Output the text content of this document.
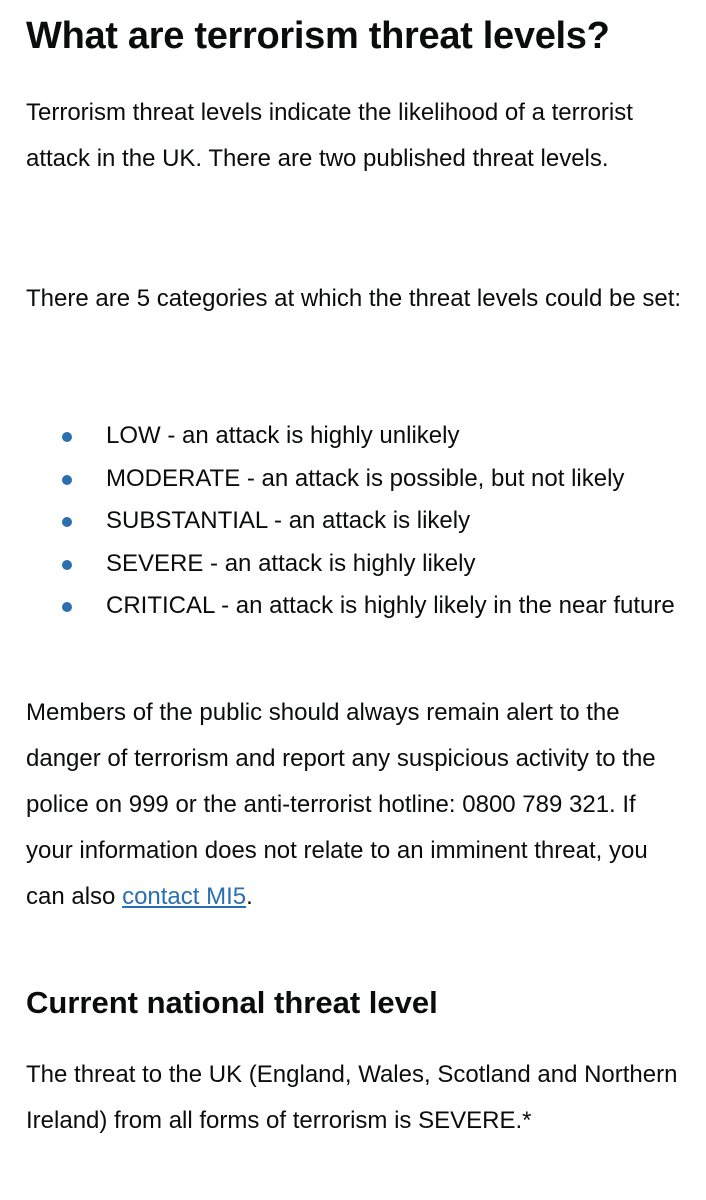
What are terrorism threat levels?

Terrorism threat levels indicate the likelihood of a terrorist attack in the UK. There are two published threat levels.

There are 5 categories at which the threat levels could be set:

LOW - an attack is highly unlikely
MODERATE - an attack is possible, but not likely
SUBSTANTIAL - an attack is likely
SEVERE - an attack is highly likely
CRITICAL - an attack is highly likely in the near future

Members of the public should always remain alert to the danger of terrorism and report any suspicious activity to the police on 999 or the anti-terrorist hotline: 0800 789 321. If your information does not relate to an imminent threat, you can also contact MI5.

Current national threat level

The threat to the UK (England, Wales, Scotland and Northern Ireland) from all forms of terrorism is SEVERE.*
